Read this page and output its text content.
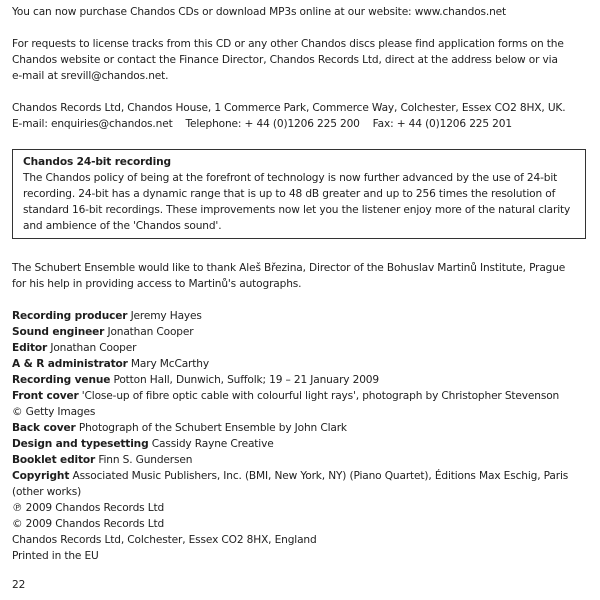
You can now purchase Chandos CDs or download MP3s online at our website: www.chandos.net
For requests to license tracks from this CD or any other Chandos discs please find application forms on the
Chandos website or contact the Finance Director, Chandos Records Ltd, direct at the address below or via
e-mail at srevill@chandos.net.
Chandos Records Ltd, Chandos House, 1 Commerce Park, Commerce Way, Colchester, Essex CO2 8HX, UK.
E-mail: enquiries@chandos.net Telephone: + 44 (0)1206 225 200 Fax: + 44 (0)1206 225 201
Chandos 24-bit recording
The Chandos policy of being at the forefront of technology is now further advanced by the use of 24-bit
recording. 24-bit has a dynamic range that is up to 48 dB greater and up to 256 times the resolution of
standard 16-bit recordings. These improvements now let you the listener enjoy more of the natural clarity
and ambience of the 'Chandos sound'.
The Schubert Ensemble would like to thank Aleš Březina, Director of the Bohuslav Martinů Institute, Prague
for his help in providing access to Martinů's autographs.
Recording producer Jeremy Hayes
Sound engineer Jonathan Cooper
Editor Jonathan Cooper
A & R administrator Mary McCarthy
Recording venue Potton Hall, Dunwich, Suffolk; 19 – 21 January 2009
Front cover 'Close-up of fibre optic cable with colourful light rays', photograph by Christopher Stevenson
© Getty Images
Back cover Photograph of the Schubert Ensemble by John Clark
Design and typesetting Cassidy Rayne Creative
Booklet editor Finn S. Gundersen
Copyright Associated Music Publishers, Inc. (BMI, New York, NY) (Piano Quartet), Éditions Max Eschig, Paris
(other works)
℗ 2009 Chandos Records Ltd
© 2009 Chandos Records Ltd
Chandos Records Ltd, Colchester, Essex CO2 8HX, England
Printed in the EU
22
